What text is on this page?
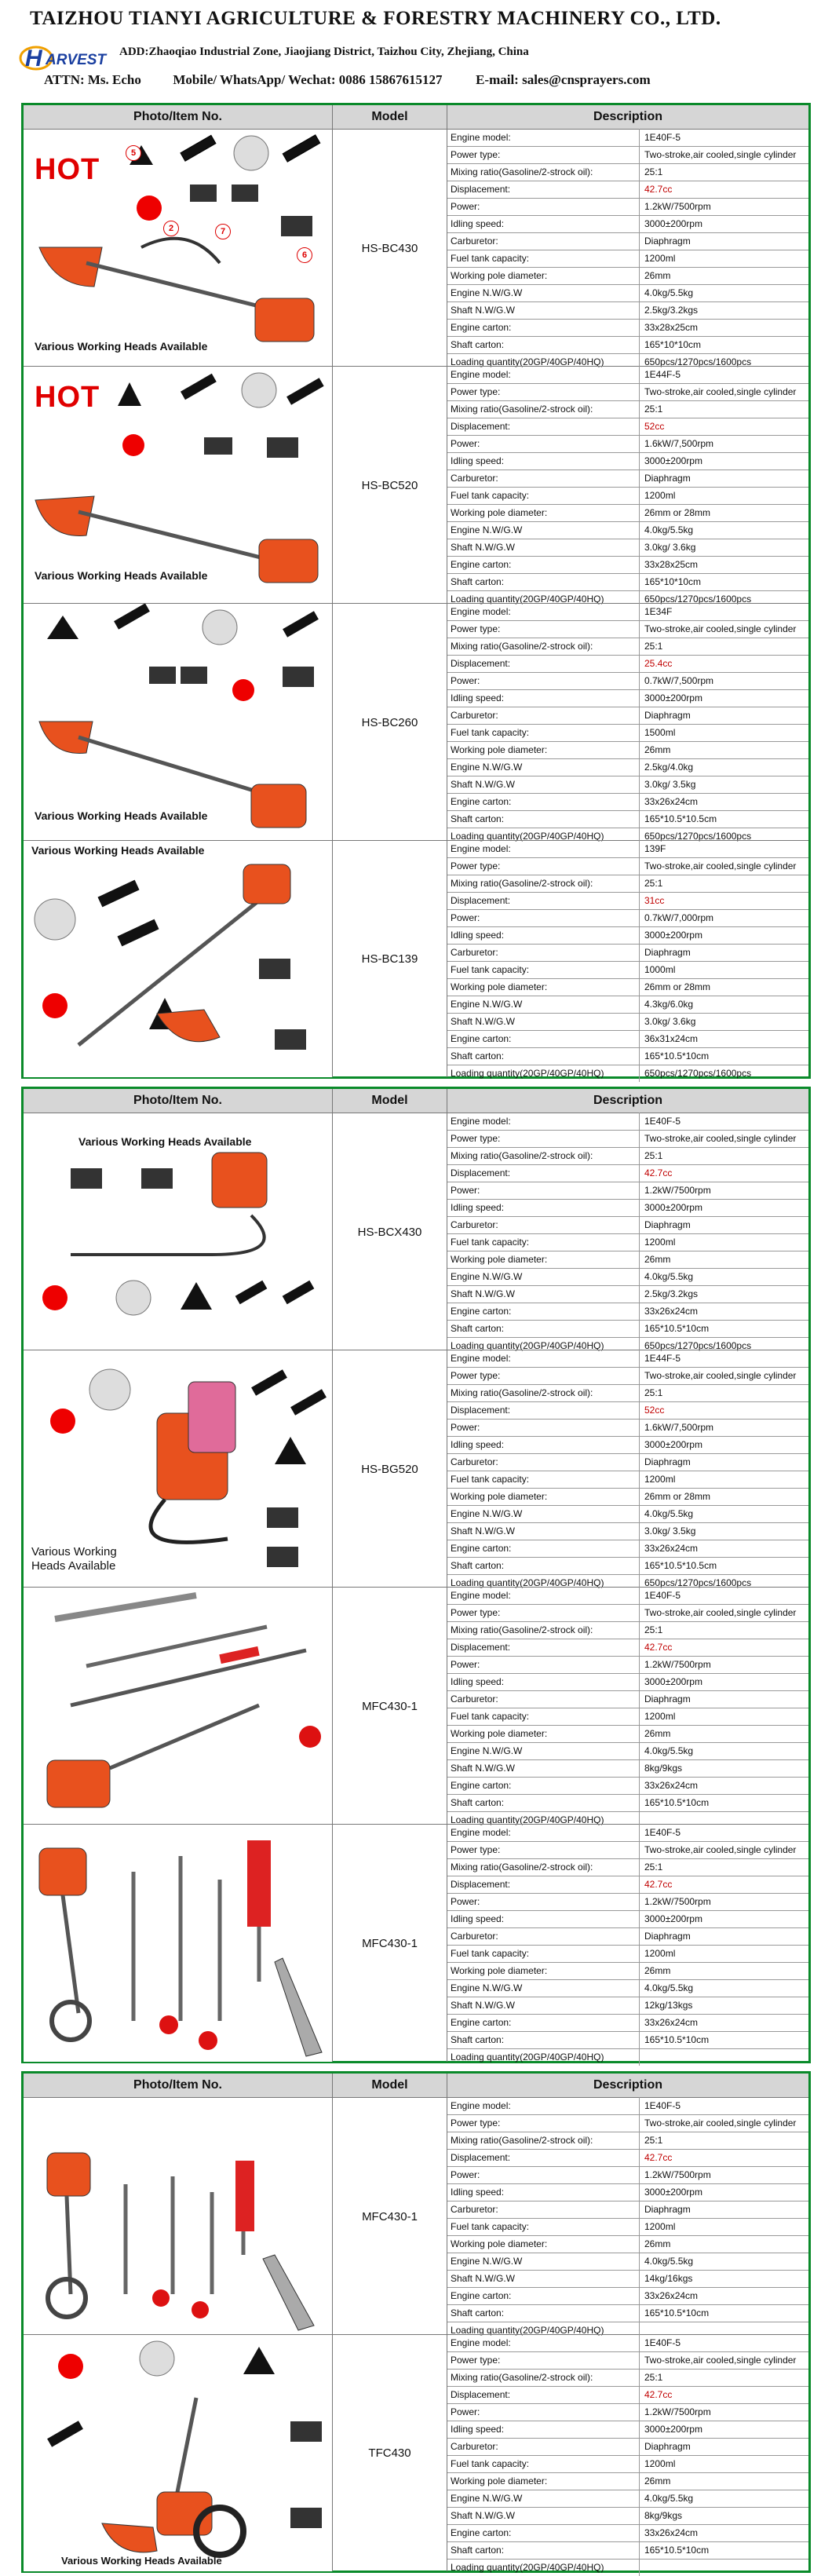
TAIZHOU TIANYI AGRICULTURE & FORESTRY MACHINERY CO., LTD.
H ARVEST ADD:Zhaoqiao Industrial Zone, Jiaojiang District, Taizhou City, Zhejiang, China
ATTN: Ms. Echo Mobile/ WhatsApp/ Wechat: 0086 15867615127	E-mail: sales@cnsprayers.com
Photo/Item No.	Model	Description
HOT	5
2	7
6
Various Working Heads Available
HS-BC430
Engine model:	1E40F-5
Power type:	Two-stroke,air cooled,single cylinder
Mixing ratio(Gasoline/2-strock oil):	25:1
Displacement:	42.7cc
Power:	1.2kW/7500rpm
Idling speed:	3000±200rpm
Carburetor:	Diaphragm
Fuel tank capacity:	1200ml
Working pole diameter:	26mm
Engine N.W/G.W	4.0kg/5.5kg
Shaft N.W/G.W	2.5kg/3.2kgs
Engine carton:	33x28x25cm
Shaft carton:	165*10*10cm
Loading quantity(20GP/40GP/40HQ)	650pcs/1270pcs/1600pcs
HOT
Various Working Heads Available
HS-BC520
Engine model:	1E44F-5
Power type:	Two-stroke,air cooled,single cylinder
Mixing ratio(Gasoline/2-strock oil):	25:1
Displacement:	52cc
Power:	1.6kW/7,500rpm
Idling speed:	3000±200rpm
Carburetor:	Diaphragm
Fuel tank capacity:	1200ml
Working pole diameter:	26mm or 28mm
Engine N.W/G.W	4.0kg/5.5kg
Shaft N.W/G.W	3.0kg/ 3.6kg
Engine carton:	33x28x25cm
Shaft carton:	165*10*10cm
Loading quantity(20GP/40GP/40HQ)	650pcs/1270pcs/1600pcs
Various Working Heads Available
HS-BC260
Engine model:	1E34F
Power type:	Two-stroke,air cooled,single cylinder
Mixing ratio(Gasoline/2-strock oil):	25:1
Displacement:	25.4cc
Power:	0.7kW/7,500rpm
Idling speed:	3000±200rpm
Carburetor:	Diaphragm
Fuel tank capacity:	1500ml
Working pole diameter:	26mm
Engine N.W/G.W	2.5kg/4.0kg
Shaft N.W/G.W	3.0kg/ 3.5kg
Engine carton:	33x26x24cm
Shaft carton:	165*10.5*10.5cm
Loading quantity(20GP/40GP/40HQ)	650pcs/1270pcs/1600pcs
Various Working Heads Available
HS-BC139
Engine model:	139F
Power type:	Two-stroke,air cooled,single cylinder
Mixing ratio(Gasoline/2-strock oil):	25:1
Displacement:	31cc
Power:	0.7kW/7,000rpm
Idling speed:	3000±200rpm
Carburetor:	Diaphragm
Fuel tank capacity:	1000ml
Working pole diameter:	26mm or 28mm
Engine N.W/G.W	4.3kg/6.0kg
Shaft N.W/G.W	3.0kg/ 3.6kg
Engine carton:	36x31x24cm
Shaft carton:	165*10.5*10cm
Loading quantity(20GP/40GP/40HQ)	650pcs/1270pcs/1600pcs
Photo/Item No.	Model	Description
Various Working Heads Available
HS-BCX430
Engine model:	1E40F-5
Power type:	Two-stroke,air cooled,single cylinder
Mixing ratio(Gasoline/2-strock oil):	25:1
Displacement:	42.7cc
Power:	1.2kW/7500rpm
Idling speed:	3000±200rpm
Carburetor:	Diaphragm
Fuel tank capacity:	1200ml
Working pole diameter:	26mm
Engine N.W/G.W	4.0kg/5.5kg
Shaft N.W/G.W	2.5kg/3.2kgs
Engine carton:	33x26x24cm
Shaft carton:	165*10.5*10cm
Loading quantity(20GP/40GP/40HQ)	650pcs/1270pcs/1600pcs
Various Working
Heads Available
HS-BG520
Engine model:	1E44F-5
Power type:	Two-stroke,air cooled,single cylinder
Mixing ratio(Gasoline/2-strock oil):	25:1
Displacement:	52cc
Power:	1.6kW/7,500rpm
Idling speed:	3000±200rpm
Carburetor:	Diaphragm
Fuel tank capacity:	1200ml
Working pole diameter:	26mm or 28mm
Engine N.W/G.W	4.0kg/5.5kg
Shaft N.W/G.W	3.0kg/ 3.5kg
Engine carton:	33x26x24cm
Shaft carton:	165*10.5*10.5cm
Loading quantity(20GP/40GP/40HQ)	650pcs/1270pcs/1600pcs
MFC430-1
Engine model:	1E40F-5
Power type:	Two-stroke,air cooled,single cylinder
Mixing ratio(Gasoline/2-strock oil):	25:1
Displacement:	42.7cc
Power:	1.2kW/7500rpm
Idling speed:	3000±200rpm
Carburetor:	Diaphragm
Fuel tank capacity:	1200ml
Working pole diameter:	26mm
Engine N.W/G.W	4.0kg/5.5kg
Shaft N.W/G.W	8kg/9kgs
Engine carton:	33x26x24cm
Shaft carton:	165*10.5*10cm
Loading quantity(20GP/40GP/40HQ)
MFC430-1
Engine model:	1E40F-5
Power type:	Two-stroke,air cooled,single cylinder
Mixing ratio(Gasoline/2-strock oil):	25:1
Displacement:	42.7cc
Power:	1.2kW/7500rpm
Idling speed:	3000±200rpm
Carburetor:	Diaphragm
Fuel tank capacity:	1200ml
Working pole diameter:	26mm
Engine N.W/G.W	4.0kg/5.5kg
Shaft N.W/G.W	12kg/13kgs
Engine carton:	33x26x24cm
Shaft carton:	165*10.5*10cm
Loading quantity(20GP/40GP/40HQ)
Photo/Item No.	Model	Description
MFC430-1
Engine model:	1E40F-5
Power type:	Two-stroke,air cooled,single cylinder
Mixing ratio(Gasoline/2-strock oil):	25:1
Displacement:	42.7cc
Power:	1.2kW/7500rpm
Idling speed:	3000±200rpm
Carburetor:	Diaphragm
Fuel tank capacity:	1200ml
Working pole diameter:	26mm
Engine N.W/G.W	4.0kg/5.5kg
Shaft N.W/G.W	14kg/16kgs
Engine carton:	33x26x24cm
Shaft carton:	165*10.5*10cm
Loading quantity(20GP/40GP/40HQ)
Various Working Heads Available
TFC430
Engine model:	1E40F-5
Power type:	Two-stroke,air cooled,single cylinder
Mixing ratio(Gasoline/2-strock oil):	25:1
Displacement:	42.7cc
Power:	1.2kW/7500rpm
Idling speed:	3000±200rpm
Carburetor:	Diaphragm
Fuel tank capacity:	1200ml
Working pole diameter:	26mm
Engine N.W/G.W	4.0kg/5.5kg
Shaft N.W/G.W	8kg/9kgs
Engine carton:	33x26x24cm
Shaft carton:	165*10.5*10cm
Loading quantity(20GP/40GP/40HQ)
